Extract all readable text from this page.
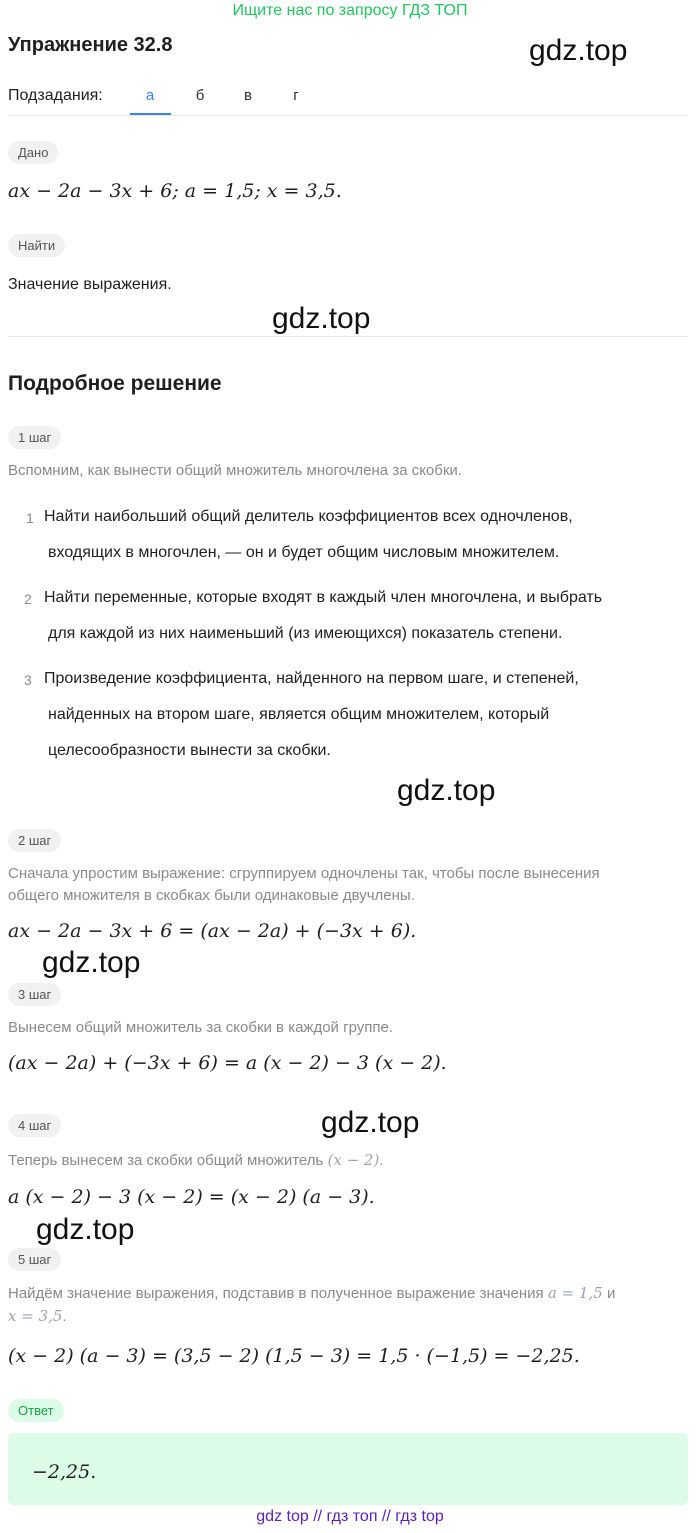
Ищите нас по запросу ГДЗ ТОП
Упражнение 32.8	gdz.top
Подзадания:	а	б	в	г
Дано
ax − 2a − 3x + 6; a = 1,5; x = 3,5.
Найти
Значение выражения.
gdz.top
Подробное решение
1 шаг
Вспомним, как вынести общий множитель многочлена за скобки.
1 Найти наибольший общий делитель коэффициентов всех одночленов,
входящих в многочлен, — он и будет общим числовым множителем.
2 Найти переменные, которые входят в каждый член многочлена, и выбрать
для каждой из них наименьший (из имеющихся) показатель степени.
3 Произведение коэффициента, найденного на первом шаге, и степеней,
найденных на втором шаге, является общим множителем, который
целесообразности вынести за скобки.
gdz.top
2 шаг
Сначала упростим выражение: сгруппируем одночлены так, чтобы после вынесения
общего множителя в скобках были одинаковые двучлены.
ax − 2a − 3x + 6 = (ax − 2a) + (−3x + 6).
gdz.top
3 шаг
Вынесем общий множитель за скобки в каждой группе.
(ax − 2a) + (−3x + 6) = a (x − 2) − 3 (x − 2).
gdz.top
4 шаг
Теперь вынесем за скобки общий множитель (x − 2).
a (x − 2) − 3 (x − 2) = (x − 2) (a − 3).
gdz.top
5 шаг
Найдём значение выражения, подставив в полученное выражение значения a = 1,5 и
x = 3,5.
(x − 2) (a − 3) = (3,5 − 2) (1,5 − 3) = 1,5 · (−1,5) = −2,25.
Ответ
−2,25.
gdz top // гдз топ // гдз top
